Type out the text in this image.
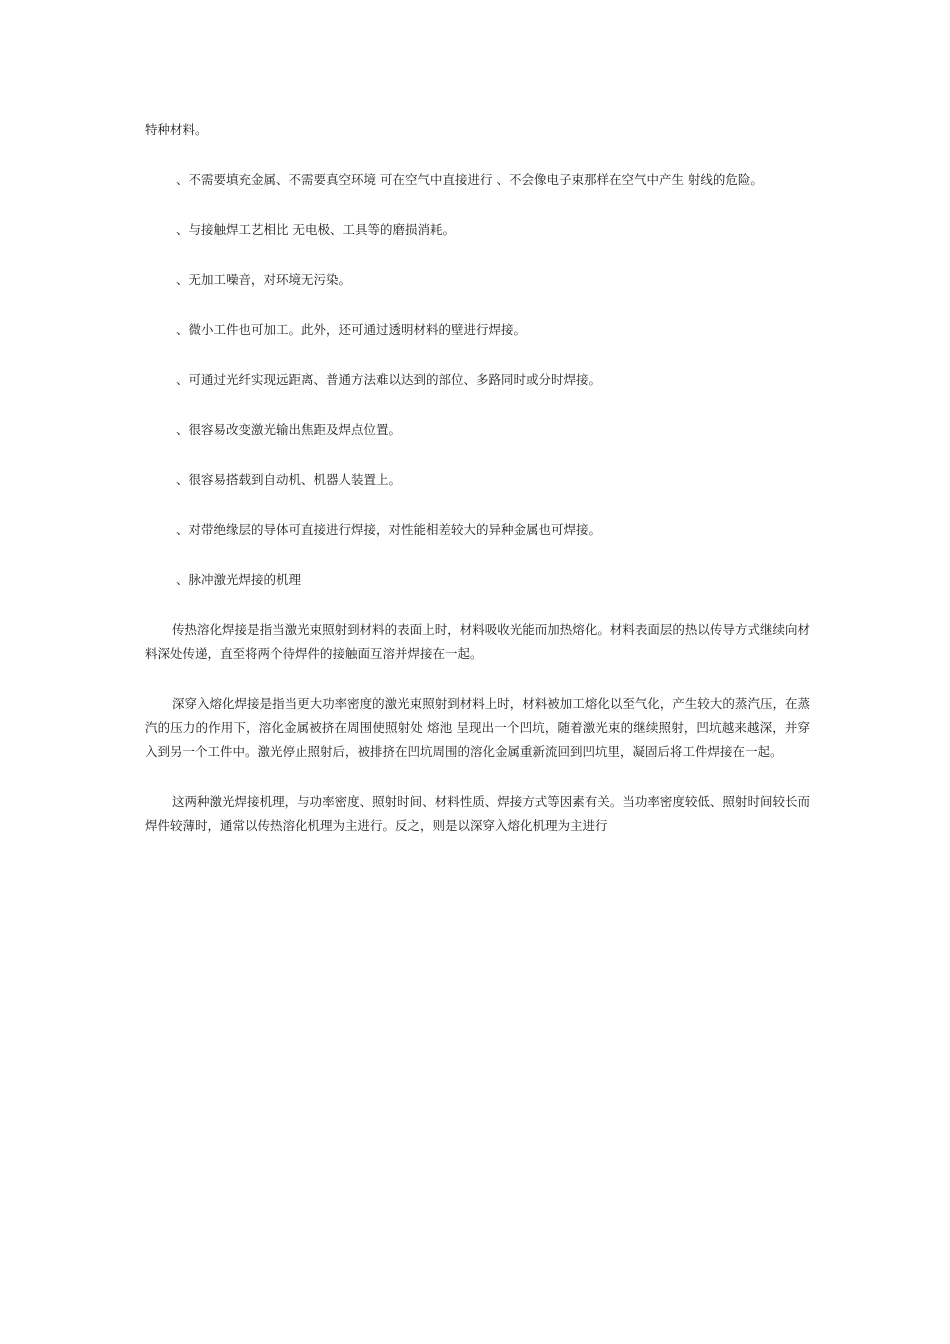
特种材料。

、不需要填充金属、不需要真空环境 可在空气中直接进行 、不会像电子束那样在空气中产生 射线的危险。

、与接触焊工艺相比 无电极、工具等的磨损消耗。

、无加工噪音，对环境无污染。

、微小工件也可加工。此外，还可通过透明材料的壁进行焊接。

、可通过光纤实现远距离、普通方法难以达到的部位、多路同时或分时焊接。

、很容易改变激光输出焦距及焊点位置。

、很容易搭载到自动机、机器人装置上。

、对带绝缘层的导体可直接进行焊接，对性能相差较大的异种金属也可焊接。

、脉冲激光焊接的机理

传热溶化焊接是指当激光束照射到材料的表面上时，材料吸收光能而加热熔化。材料表面层的热以传导方式继续向材料深处传递，直至将两个待焊件的接触面互溶并焊接在一起。

深穿入熔化焊接是指当更大功率密度的激光束照射到材料上时，材料被加工熔化以至气化，产生较大的蒸汽压，在蒸汽的压力的作用下，溶化金属被挤在周围使照射处 熔池 呈现出一个凹坑，随着激光束的继续照射，凹坑越来越深，并穿入到另一个工件中。激光停止照射后，被排挤在凹坑周围的溶化金属重新流回到凹坑里，凝固后将工件焊接在一起。

这两种激光焊接机理，与功率密度、照射时间、材料性质、焊接方式等因素有关。当功率密度较低、照射时间较长而焊件较薄时，通常以传热溶化机理为主进行。反之，则是以深穿入熔化机理为主进行
